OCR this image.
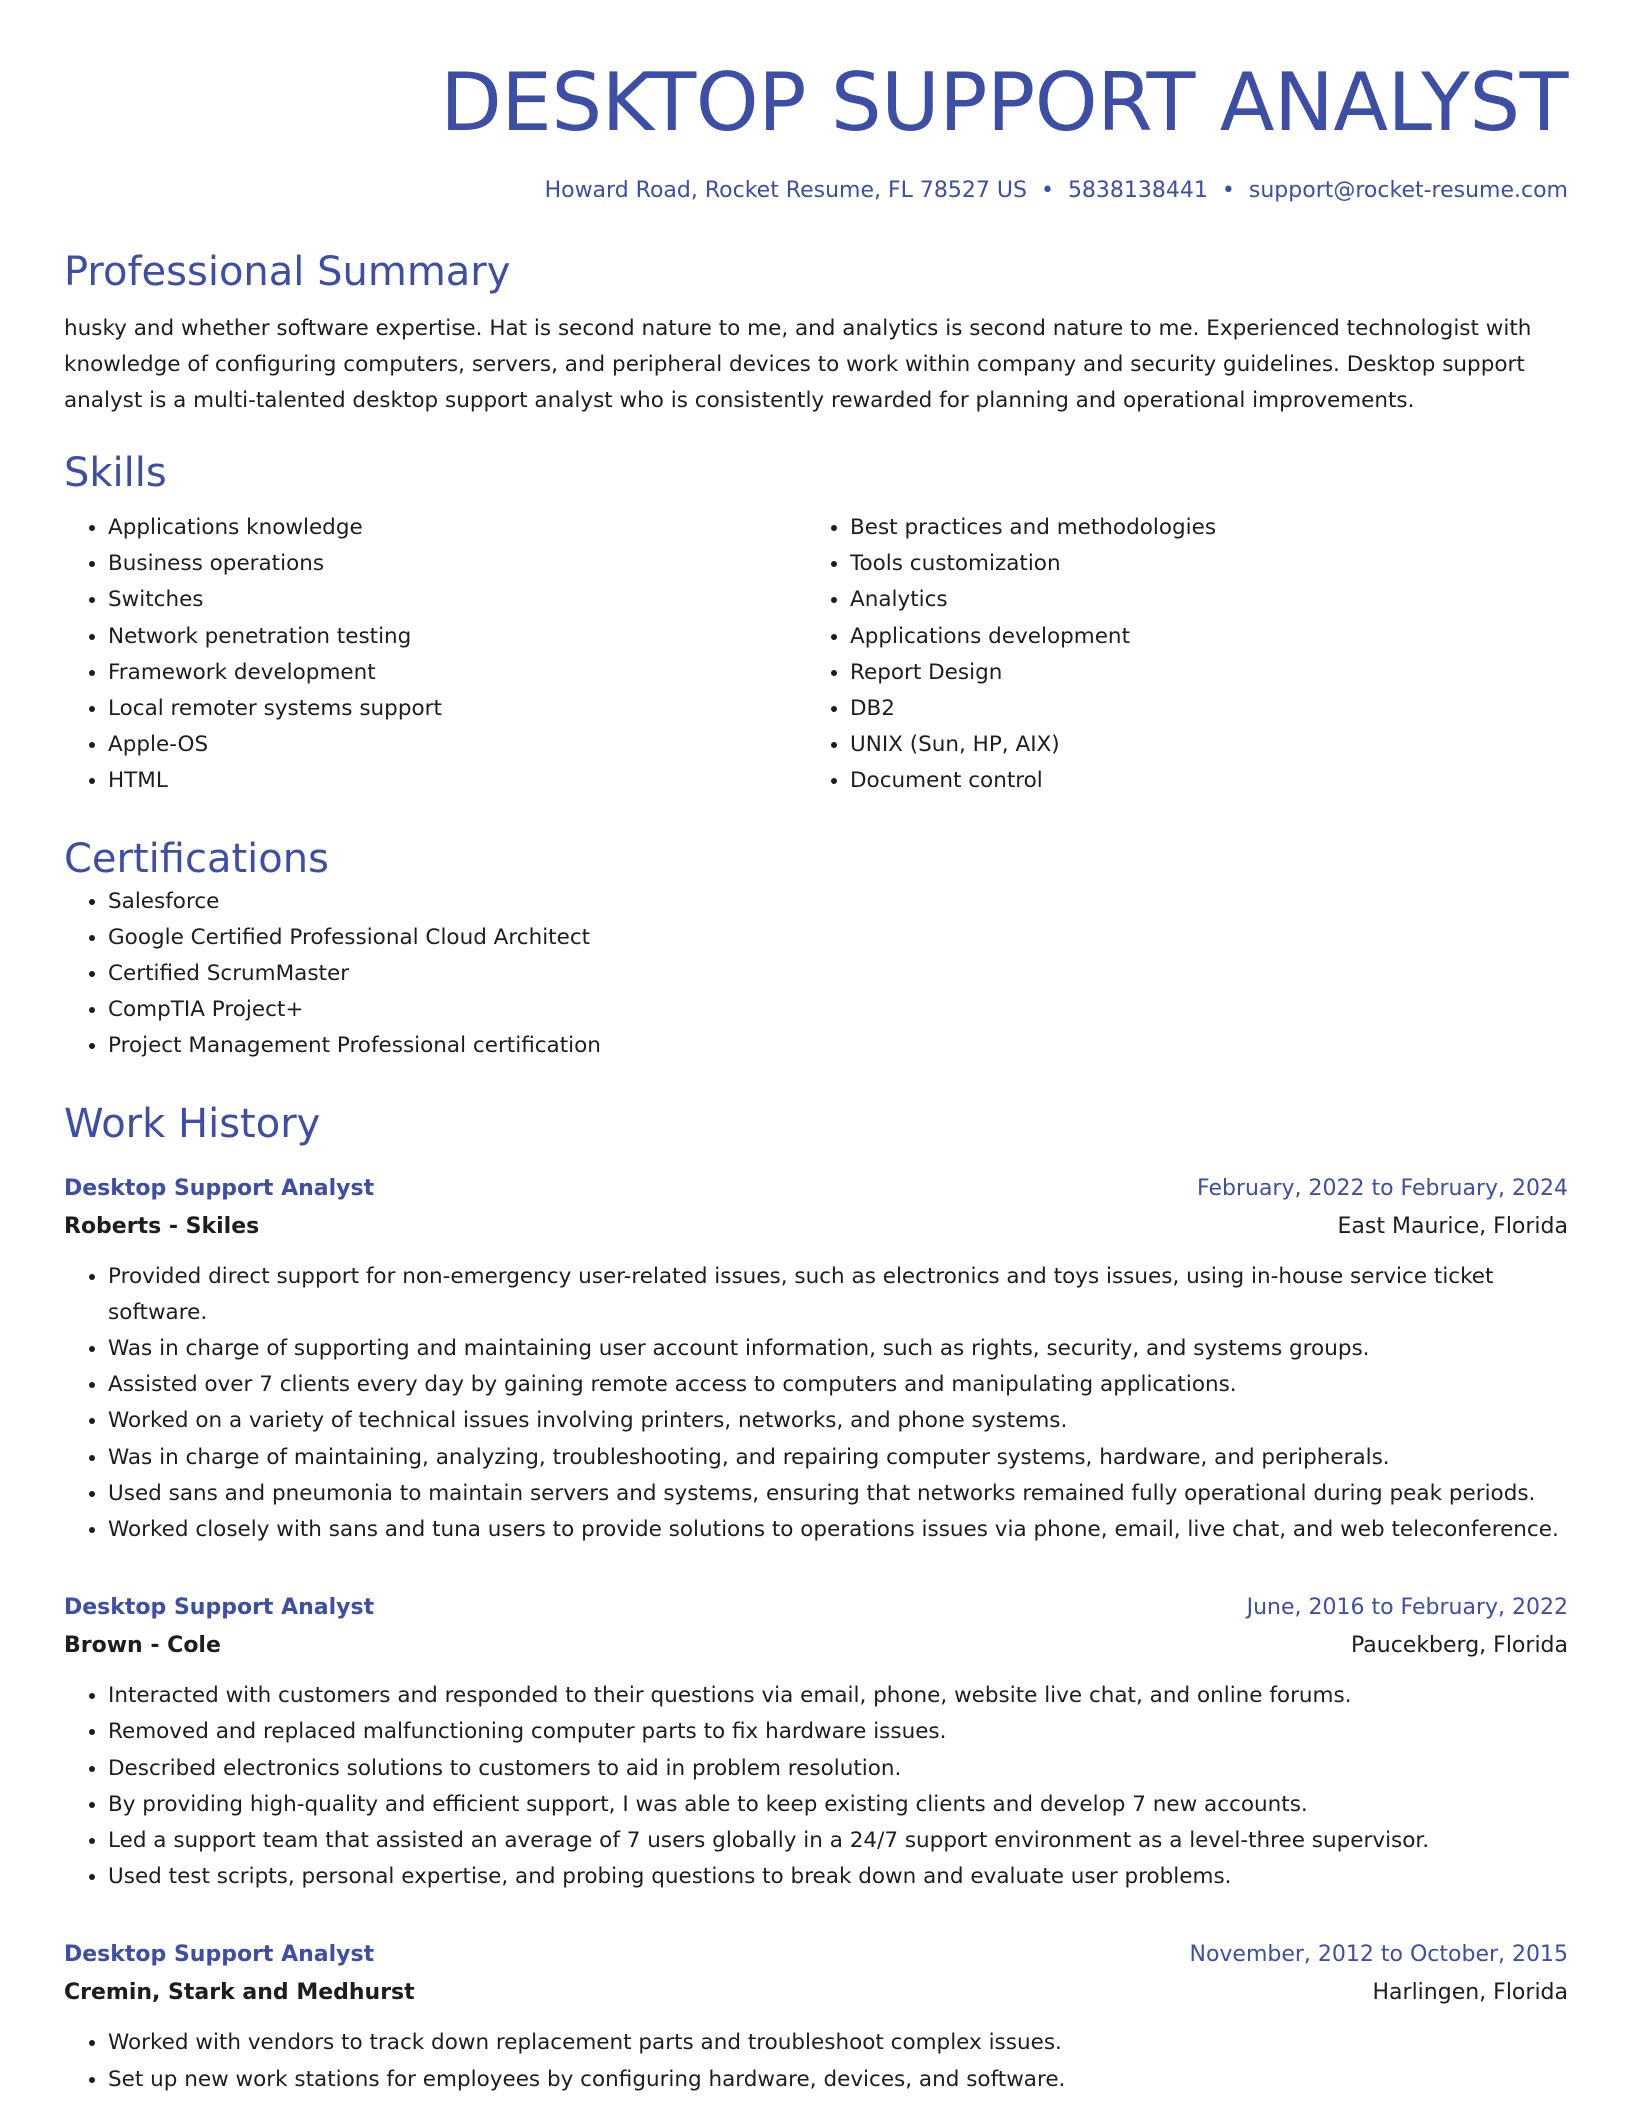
DESKTOP SUPPORT ANALYST
Howard Road, Rocket Resume, FL 78527 US • 5838138441 • support@rocket-resume.com
Professional Summary

husky and whether software expertise. Hat is second nature to me, and analytics is second nature to me. Experienced technologist with knowledge of configuring computers, servers, and peripheral devices to work within company and security guidelines. Desktop support analyst is a multi-talented desktop support analyst who is consistently rewarded for planning and operational improvements.

Skills
• Applications knowledge
• Business operations
• Switches
• Network penetration testing
• Framework development
• Local remoter systems support
• Apple-OS
• HTML
• Best practices and methodologies
• Tools customization
• Analytics
• Applications development
• Report Design
• DB2
• UNIX (Sun, HP, AIX)
• Document control
Certifications
• Salesforce
• Google Certified Professional Cloud Architect
• Certified ScrumMaster
• CompTIA Project+
• Project Management Professional certification
Work History
Desktop Support Analyst	February, 2022 to February, 2024
Roberts - Skiles	East Maurice, Florida
• Provided direct support for non-emergency user-related issues, such as electronics and toys issues, using in-house service ticket software.
• Was in charge of supporting and maintaining user account information, such as rights, security, and systems groups.
• Assisted over 7 clients every day by gaining remote access to computers and manipulating applications.
• Worked on a variety of technical issues involving printers, networks, and phone systems.
• Was in charge of maintaining, analyzing, troubleshooting, and repairing computer systems, hardware, and peripherals.
• Used sans and pneumonia to maintain servers and systems, ensuring that networks remained fully operational during peak periods.
• Worked closely with sans and tuna users to provide solutions to operations issues via phone, email, live chat, and web teleconference.
Desktop Support Analyst	June, 2016 to February, 2022
Brown - Cole	Paucekberg, Florida
• Interacted with customers and responded to their questions via email, phone, website live chat, and online forums.
• Removed and replaced malfunctioning computer parts to fix hardware issues.
• Described electronics solutions to customers to aid in problem resolution.
• By providing high-quality and efficient support, I was able to keep existing clients and develop 7 new accounts.
• Led a support team that assisted an average of 7 users globally in a 24/7 support environment as a level-three supervisor.
• Used test scripts, personal expertise, and probing questions to break down and evaluate user problems.
Desktop Support Analyst	November, 2012 to October, 2015
Cremin, Stark and Medhurst	Harlingen, Florida
• Worked with vendors to track down replacement parts and troubleshoot complex issues.
• Set up new work stations for employees by configuring hardware, devices, and software.
